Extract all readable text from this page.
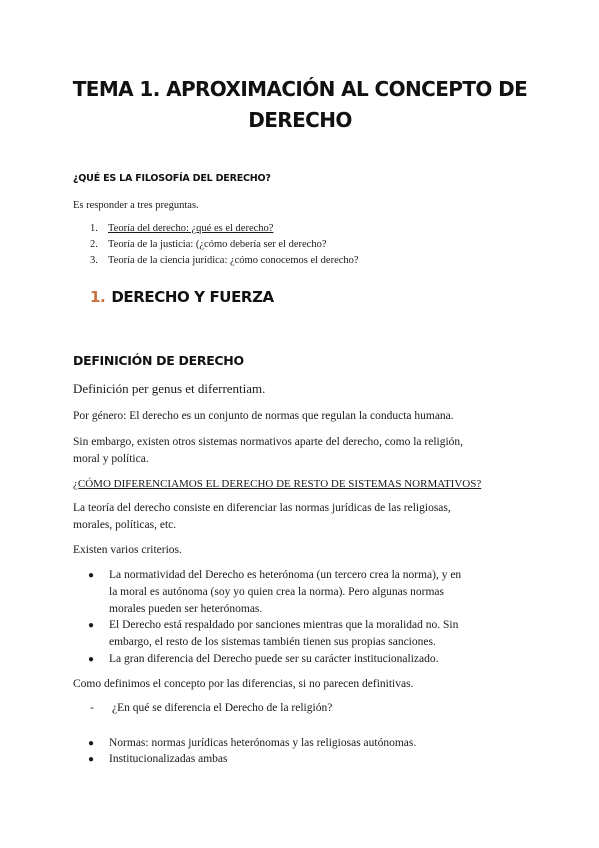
TEMA 1. APROXIMACIÓN AL CONCEPTO DE
DERECHO
¿QUÉ ES LA FILOSOFÍA DEL DERECHO?
Es responder a tres preguntas.
1. Teoría del derecho: ¿qué es el derecho?
2. Teoría de la justicia: (¿cómo debería ser el derecho?
3. Teoría de la ciencia jurídica: ¿cómo conocemos el derecho?
1. DERECHO Y FUERZA
DEFINICIÓN DE DERECHO
Definición per genus et diferrentiam.
Por género: El derecho es un conjunto de normas que regulan la conducta humana.
Sin embargo, existen otros sistemas normativos aparte del derecho, como la religión,
moral y política.
¿CÓMO DIFERENCIAMOS EL DERECHO DE RESTO DE SISTEMAS NORMATIVOS?
La teoría del derecho consiste en diferenciar las normas jurídicas de las religiosas,
morales, políticas, etc.
Existen varios criterios.
●	La normatividad del Derecho es heterónoma (un tercero crea la norma), y en
la moral es autónoma (soy yo quien crea la norma). Pero algunas normas
morales pueden ser heterónomas.
●	El Derecho está respaldado por sanciones mientras que la moralidad no. Sin
embargo, el resto de los sistemas también tienen sus propias sanciones.
●	La gran diferencia del Derecho puede ser su carácter institucionalizado.
Como definimos el concepto por las diferencias, si no parecen definitivas.
- ¿En qué se diferencia el Derecho de la religión?
●	Normas: normas jurídicas heterónomas y las religiosas autónomas.
●	Institucionalizadas ambas
